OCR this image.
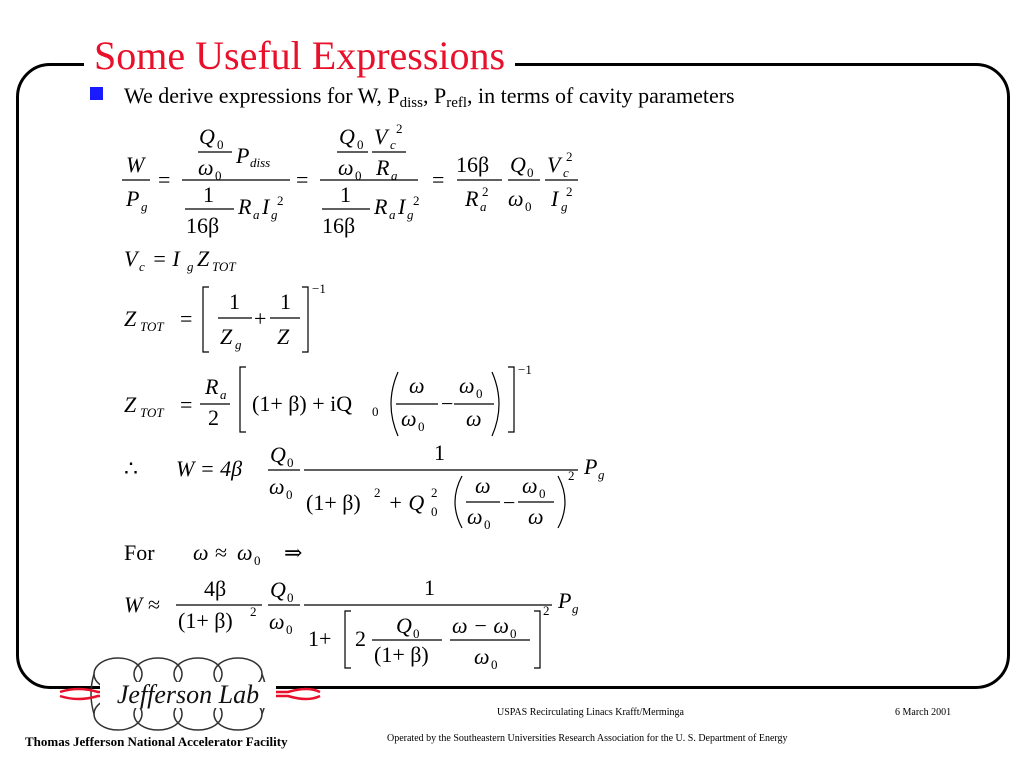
Some Useful Expressions
We derive expressions for W, $P_{diss}$, $P_{refl}$, in terms of cavity parameters
W
P g
=
Q 0
ω 0
P diss
1
16β
R a I g
2
=
Q 0
ω 0
V c
2
R a
1
16β
R a I g
2
=
16β
R a
2
Q 0
ω 0
V c
2
I g
2
V c = I g Z TOT
Z TOT =
1
Z g
+
1
Z
−1
Z TOT =
R a
2
(1+ β) + iQ 0
ω
ω 0
−
ω 0
ω
−1
∴ W = 4β
Q 0
ω 0
1
(1+ β) 2 + Q 2
0
ω
ω 0
−
ω 0
ω
2 P g
For ω ≈ ω 0 ⇒
W ≈
4β
(1+ β) 2
Q 0
ω 0
1
1+ 2
Q 0
(1+ β)
ω − ω 0
ω 0
2 P g
Jefferson Lab
Thomas Jefferson National Accelerator Facility
USPAS Recirculating Linacs Krafft/Merminga	6 March 2001
Operated by the Southeastern Universities Research Association for the U. S. Department of Energy
